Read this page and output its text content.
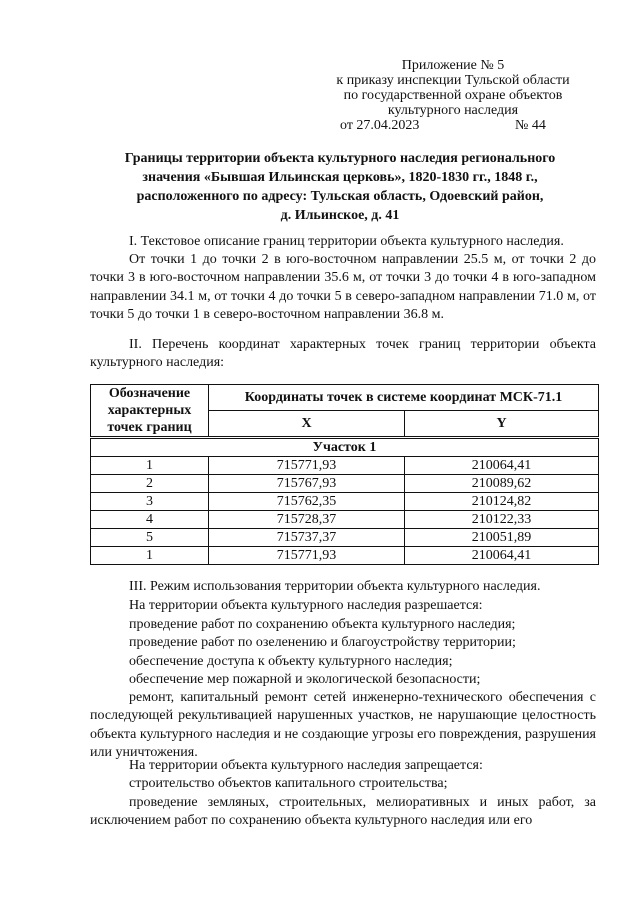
Приложение № 5
к приказу инспекции Тульской области
по государственной охране объектов
культурного наследия
от 27.04.2023	№ 44
Границы территории объекта культурного наследия регионального
значения «Бывшая Ильинская церковь», 1820-1830 гг., 1848 г.,
расположенного по адресу: Тульская область, Одоевский район,
д. Ильинское, д. 41
I. Текстовое описание границ территории объекта культурного наследия.
От точки 1 до точки 2 в юго-восточном направлении 25.5 м, от точки 2 до точки 3 в юго-восточном направлении 35.6 м, от точки 3 до точки 4 в юго-западном направлении 34.1 м, от точки 4 до точки 5 в северо-западном направлении 71.0 м, от точки 5 до точки 1 в северо-восточном направлении 36.8 м.
II. Перечень координат характерных точек границ территории объекта культурного наследия:
Обозначение характерных точек границ	Координаты точек в системе координат МСК-71.1	
	X	Y
Участок 1		
1	715771,93	210064,41
2	715767,93	210089,62
3	715762,35	210124,82
4	715728,37	210122,33
5	715737,37	210051,89
1	715771,93	210064,41
III. Режим использования территории объекта культурного наследия.
На территории объекта культурного наследия разрешается:
проведение работ по сохранению объекта культурного наследия;
проведение работ по озеленению и благоустройству территории;
обеспечение доступа к объекту культурного наследия;
обеспечение мер пожарной и экологической безопасности;
ремонт, капитальный ремонт сетей инженерно-технического обеспечения с последующей рекультивацией нарушенных участков, не нарушающие целостность объекта культурного наследия и не создающие угрозы его повреждения, разрушения или уничтожения.
На территории объекта культурного наследия запрещается:
строительство объектов капитального строительства;
проведение земляных, строительных, мелиоративных и иных работ, за исключением работ по сохранению объекта культурного наследия или его
